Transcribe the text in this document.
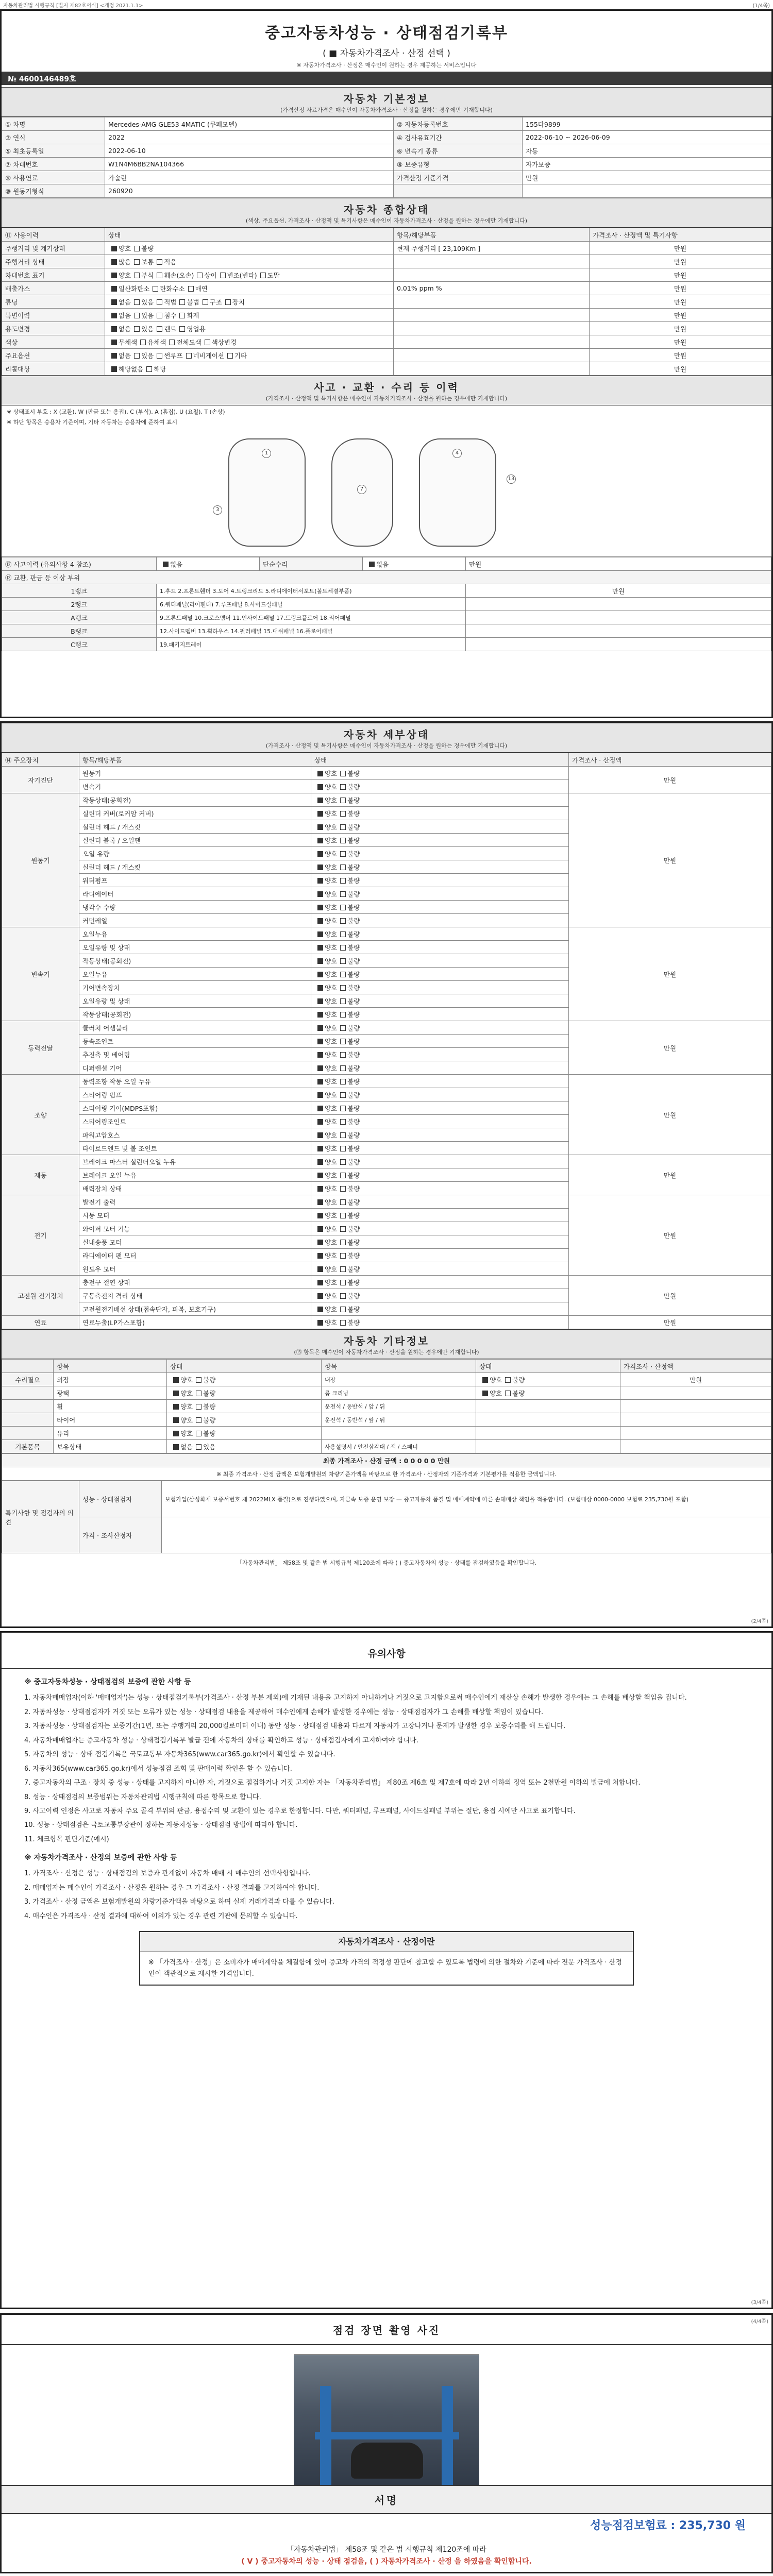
자동차관리법 시행규칙 [별지 제82호서식] <개정 2021.1.1>	(1/4쪽)
중고자동차성능 · 상태점검기록부
( ■ 자동차가격조사 · 산정 선택 )
※ 자동차가격조사 · 산정은 매수인이 원하는 경우 제공하는 서비스입니다
№ 4600146489호
자동차 기본정보
(가격산정 자료가격은 매수인이 자동차가격조사 · 산정을 원하는 경우에만 기재합니다)
① 차명	Mercedes-AMG GLE53 4MATIC (쿠페모델)	② 자동차등록번호	155다9899
③ 연식	2022	④ 검사유효기간	2022-06-10 ~ 2026-06-09
⑤ 최초등록일	2022-06-10	⑥ 변속기 종류	자동
⑦ 차대번호	W1N4M6BB2NA104366	⑧ 보증유형	자가보증
⑨ 사용연료	가솔린	가격산정 기준가격	만원
⑩ 원동기형식	260920		
자동차 종합상태
(색상, 주요옵션, 가격조사 · 산정액 및 특기사항은 매수인이 자동차가격조사 · 산정을 원하는 경우에만 기재합니다)
⑪ 사용이력	상태	항목/해당부품	가격조사 · 산정액 및 특기사항
주행거리 및 계기상태	양호 불량	현재 주행거리 [ 23,109Km ]	만원
주행거리 상태	많음 보통 적음		만원
차대번호 표기	양호 부식 훼손(오손) 상이 변조(변타) 도말		만원
배출가스	일산화탄소 탄화수소 매연	0.01% ppm %	만원
튜닝	없음 있음 적법 불법 구조 장치		만원
특별이력	없음 있음 침수 화재		만원
용도변경	없음 있음 렌트 영업용		만원
색상	무채색 유채색 전체도색 색상변경		만원
주요옵션	없음 있음 썬루프 네비게이션 기타		만원
리콜대상	해당없음 해당		만원
사고 · 교환 · 수리 등 이력
(가격조사 · 산정액 및 특기사항은 매수인이 자동차가격조사 · 산정을 원하는 경우에만 기재합니다)
※ 상태표시 부호 : X (교환), W (판금 또는 용접), C (부식), A (흠집), U (요철), T (손상)
※ 하단 항목은 승용차 기준이며, 기타 자동차는 승용차에 준하여 표시
1
7
4
13
3
⑫ 사고이력 (유의사항 4 참조)	없음	단순수리	없음	만원
⑬ 교환, 판금 등 이상 부위				
1랭크	1.후드 2.프론트휀더 3.도어 4.트렁크리드 5.라디에이터서포트(볼트체결부품)			만원
2랭크	6.쿼터패널(리어휀더) 7.루프패널 8.사이드실패널			
A랭크	9.프론트패널 10.크로스멤버 11.인사이드패널 17.트렁크플로어 18.리어패널			
B랭크	12.사이드멤버 13.휠하우스 14.필러패널 15.대쉬패널 16.플로어패널			
C랭크	19.패키지트레이			
자동차 세부상태
(가격조사 · 산정액 및 특기사항은 매수인이 자동차가격조사 · 산정을 원하는 경우에만 기재합니다)
⑭ 주요장치	항목/해당부품	상태	가격조사 · 산정액
자기진단	원동기	양호 불량	만원
	변속기	양호 불량	
원동기	작동상태(공회전)	양호 불량	만원
	실린더 커버(로커암 커버)	양호 불량	
	실린더 헤드 / 개스킷	양호 불량	
	실린더 블록 / 오일팬	양호 불량	
	오일 유량	양호 불량	
	실린더 헤드 / 개스킷	양호 불량	
	워터펌프	양호 불량	
	라디에이터	양호 불량	
	냉각수 수량	양호 불량	
	커먼레일	양호 불량	
변속기	오일누유	양호 불량	만원
	오일유량 및 상태	양호 불량	
	작동상태(공회전)	양호 불량	
	오일누유	양호 불량	
	기어변속장치	양호 불량	
	오일유량 및 상태	양호 불량	
	작동상태(공회전)	양호 불량	
동력전달	클러치 어셈블리	양호 불량	만원
	등속조인트	양호 불량	
	추진축 및 베어링	양호 불량	
	디퍼렌셜 기어	양호 불량	
조향	동력조향 작동 오일 누유	양호 불량	만원
	스티어링 펌프	양호 불량	
	스티어링 기어(MDPS포함)	양호 불량	
	스티어링조인트	양호 불량	
	파워고압호스	양호 불량	
	타이로드엔드 및 볼 조인트	양호 불량	
제동	브레이크 마스터 실린더오일 누유	양호 불량	만원
	브레이크 오일 누유	양호 불량	
	배력장치 상태	양호 불량	
전기	발전기 출력	양호 불량	만원
	시동 모터	양호 불량	
	와이퍼 모터 기능	양호 불량	
	실내송풍 모터	양호 불량	
	라디에이터 팬 모터	양호 불량	
	윈도우 모터	양호 불량	
고전원 전기장치	충전구 절연 상태	양호 불량	만원
	구동축전지 격리 상태	양호 불량	
	고전원전기배선 상태(접속단자, 피복, 보호기구)	양호 불량	
연료	연료누출(LP가스포함)	양호 불량	만원
자동차 기타정보
(⑮ 항목은 매수인이 자동차가격조사 · 산정을 원하는 경우에만 기재합니다)
	항목	상태	항목	상태	가격조사 · 산정액
수리필요	외장	양호 불량	내장	양호 불량	만원
	광택	양호 불량	룸 크리닝	양호 불량	
	휠	양호 불량	운전석 / 동반석 / 앞 / 뒤		
	타이어	양호 불량	운전석 / 동반석 / 앞 / 뒤		
	유리	양호 불량			
기본품목	보유상태	없음 있음	사용설명서 / 안전삼각대 / 잭 / 스패너		
최종 가격조사 · 산정 금액 : 0 0 0 0 0 만원
※ 최종 가격조사 · 산정 금액은 보험개발원의 차량기준가액을 바탕으로 한 가격조사 · 산정자의 기준가격과 기본평가를 적용한 금액입니다.
특기사항 및 점검자의 의견	성능 · 상태점검자	보험가입(삼성화재 보증서번호 제 2022MLX 품질)으로 진행하였으며, 자금속 보증 운영 보장 — 중고자동차 품질 및 매매계약에 따른 손해배상 책임을 적용합니다. (보험대상 0000-0000 보험료 235,730원 포함)
	가격 · 조사산정자	
「자동차관리법」 제58조 및 같은 법 시행규칙 제120조에 따라 ( ) 중고자동차의 성능 · 상태를 점검하였음을 확인합니다.
(2/4쪽)
유의사항
※ 중고자동차성능 · 상태점검의 보증에 관한 사항 등
1. 자동차매매업자(이하 '매매업자')는 성능 · 상태점검기록부(가격조사 · 산정 부분 제외)에 기재된 내용을 고지하지 아니하거나 거짓으로 고지함으로써 매수인에게 재산상 손해가 발생한 경우에는 그 손해를 배상할 책임을 집니다.
2. 자동차성능 · 상태점검자가 거짓 또는 오류가 있는 성능 · 상태점검 내용을 제공하여 매수인에게 손해가 발생한 경우에는 성능 · 상태점검자가 그 손해를 배상할 책임이 있습니다.
3. 자동차성능 · 상태점검자는 보증기간(1년, 또는 주행거리 20,000킬로미터 이내) 동안 성능 · 상태점검 내용과 다르게 자동차가 고장나거나 문제가 발생한 경우 보증수리를 해 드립니다.
4. 자동차매매업자는 중고자동차 성능 · 상태점검기록부 발급 전에 자동차의 상태를 확인하고 성능 · 상태점검자에게 고지하여야 합니다.
5. 자동차의 성능 · 상태 점검기록은 국토교통부 자동차365(www.car365.go.kr)에서 확인할 수 있습니다.
6. 자동차365(www.car365.go.kr)에서 성능점검 조회 및 판매이력 확인을 할 수 있습니다.
7. 중고자동차의 구조 · 장치 중 성능 · 상태를 고지하지 아니한 자, 거짓으로 점검하거나 거짓 고지한 자는 「자동차관리법」 제80조 제6호 및 제7호에 따라 2년 이하의 징역 또는 2천만원 이하의 벌금에 처합니다.
8. 성능 · 상태점검의 보증범위는 자동차관리법 시행규칙에 따른 항목으로 합니다.
9. 사고이력 인정은 사고로 자동차 주요 골격 부위의 판금, 용접수리 및 교환이 있는 경우로 한정합니다. 다만, 쿼터패널, 루프패널, 사이드실패널 부위는 절단, 용접 시에만 사고로 표기합니다.
10. 성능 · 상태점검은 국토교통부장관이 정하는 자동차성능 · 상태점검 방법에 따라야 합니다.
11. 체크항목 판단기준(예시)
※ 자동차가격조사 · 산정의 보증에 관한 사항 등
1. 가격조사 · 산정은 성능 · 상태점검의 보증과 관계없이 자동차 매매 시 매수인의 선택사항입니다.
2. 매매업자는 매수인이 가격조사 · 산정을 원하는 경우 그 가격조사 · 산정 결과를 고지하여야 합니다.
3. 가격조사 · 산정 금액은 보험개발원의 차량기준가액을 바탕으로 하며 실제 거래가격과 다를 수 있습니다.
4. 매수인은 가격조사 · 산정 결과에 대하여 이의가 있는 경우 관련 기관에 문의할 수 있습니다.
자동차가격조사 · 산정이란

※ 「가격조사 · 산정」은 소비자가 매매계약을 체결함에 있어 중고차 가격의 적정성 판단에 참고할 수 있도록 법령에 의한 절차와 기준에 따라 전문 가격조사 · 산정인이 객관적으로 제시한 가격입니다.

(3/4쪽)
점검 장면 촬영 사진
(4/4쪽)
서명
성능점검보험료 : 235,730 원
「자동차관리법」 제58조 및 같은 법 시행규칙 제120조에 따라
( V ) 중고자동차의 성능 · 상태 점검을, ( ) 자동차가격조사 · 산정 을 하였음을 확인합니다.
